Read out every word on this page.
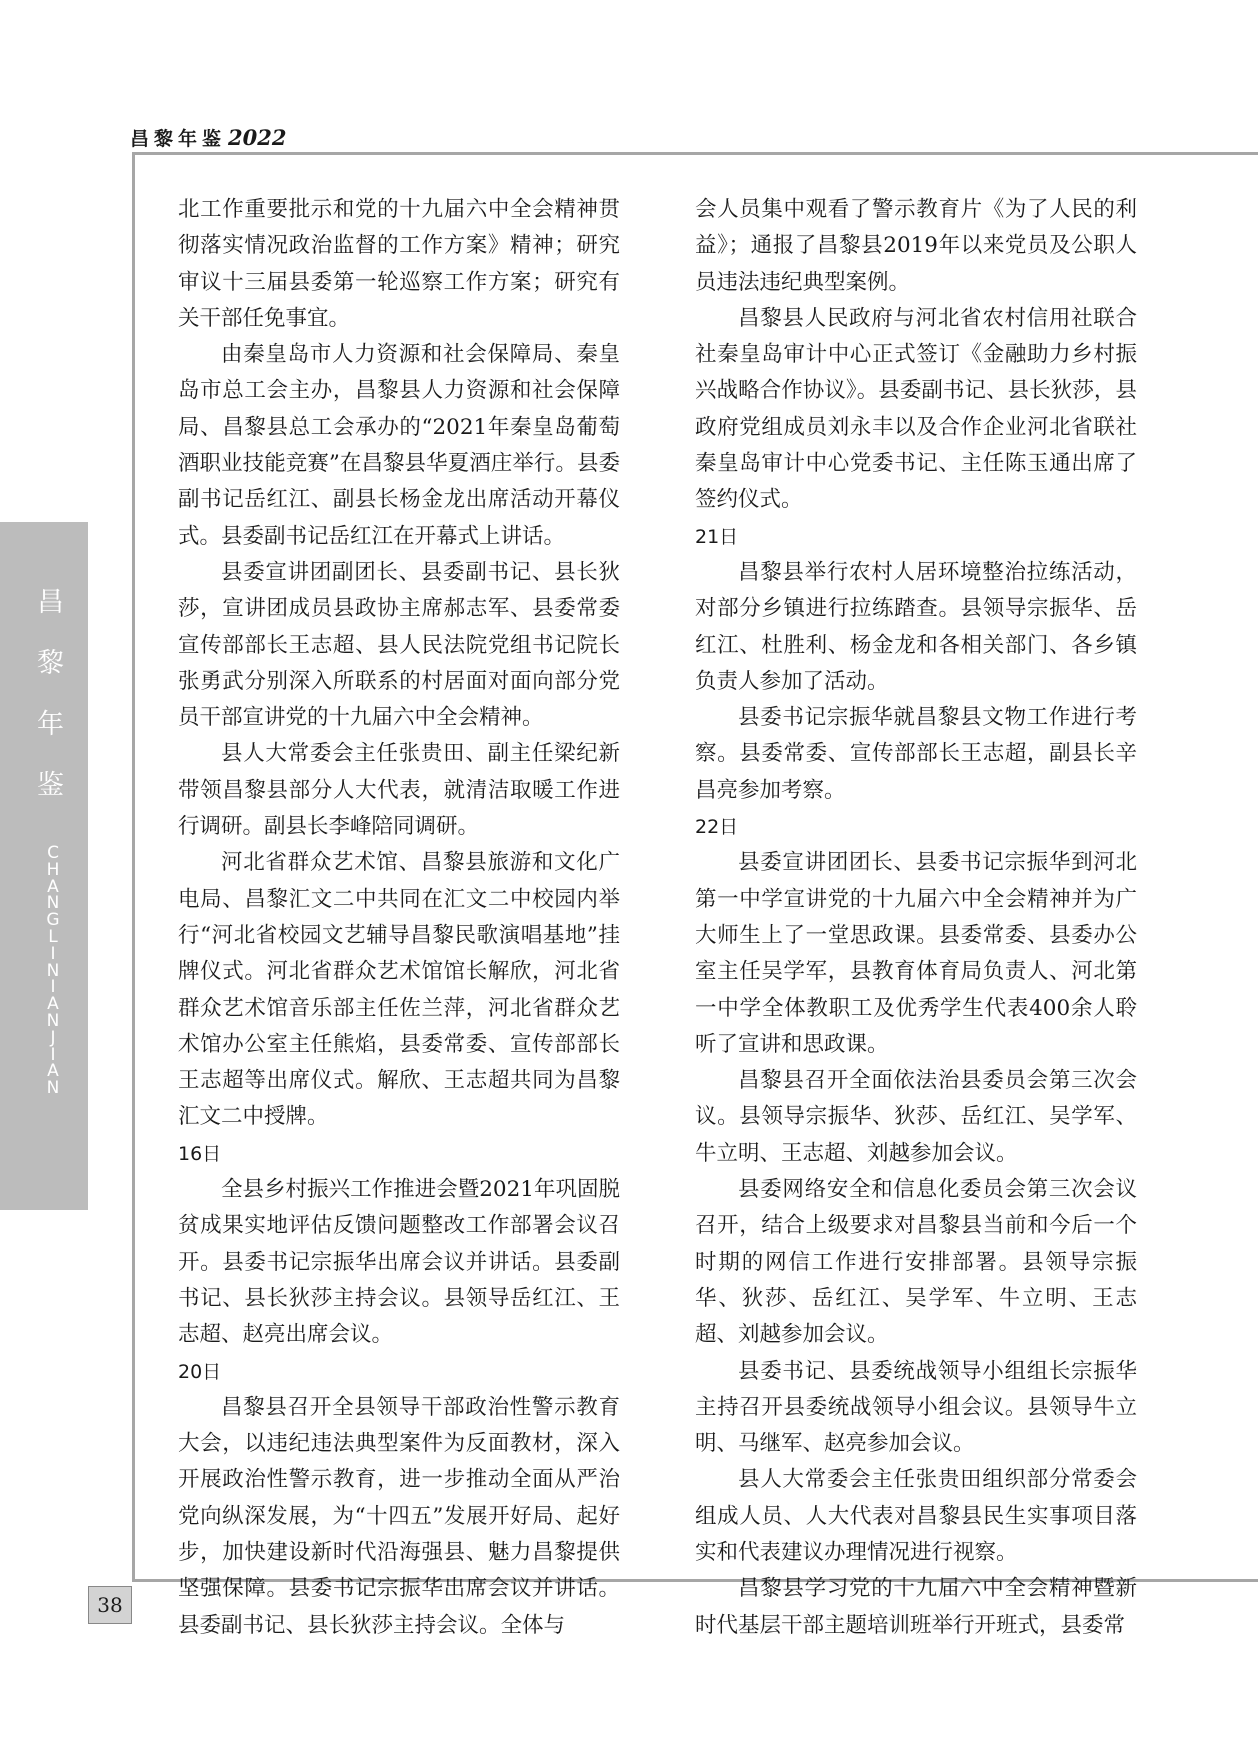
昌黎年鉴2022
昌
黎
年
鉴
C
H
A
N
G
L
I
N
I
A
N
J
I
A
N

北工作重要批示和党的十九届六中全会精神贯彻落实情况政治监督的工作方案》精神；研究审议十三届县委第一轮巡察工作方案；研究有关干部任免事宜。

由秦皇岛市人力资源和社会保障局、秦皇岛市总工会主办，昌黎县人力资源和社会保障局、昌黎县总工会承办的“2021年秦皇岛葡萄酒职业技能竞赛”在昌黎县华夏酒庄举行。县委副书记岳红江、副县长杨金龙出席活动开幕仪式。县委副书记岳红江在开幕式上讲话。

县委宣讲团副团长、县委副书记、县长狄莎，宣讲团成员县政协主席郝志军、县委常委宣传部部长王志超、县人民法院党组书记院长张勇武分别深入所联系的村居面对面向部分党员干部宣讲党的十九届六中全会精神。

县人大常委会主任张贵田、副主任梁纪新带领昌黎县部分人大代表，就清洁取暖工作进行调研。副县长李峰陪同调研。

河北省群众艺术馆、昌黎县旅游和文化广电局、昌黎汇文二中共同在汇文二中校园内举行“河北省校园文艺辅导昌黎民歌演唱基地”挂牌仪式。河北省群众艺术馆馆长解欣，河北省群众艺术馆音乐部主任佐兰萍，河北省群众艺术馆办公室主任熊焰，县委常委、宣传部部长王志超等出席仪式。解欣、王志超共同为昌黎汇文二中授牌。

16日

全县乡村振兴工作推进会暨2021年巩固脱贫成果实地评估反馈问题整改工作部署会议召开。县委书记宗振华出席会议并讲话。县委副书记、县长狄莎主持会议。县领导岳红江、王志超、赵亮出席会议。

20日

昌黎县召开全县领导干部政治性警示教育大会，以违纪违法典型案件为反面教材，深入开展政治性警示教育，进一步推动全面从严治党向纵深发展，为“十四五”发展开好局、起好步，加快建设新时代沿海强县、魅力昌黎提供坚强保障。县委书记宗振华出席会议并讲话。县委副书记、县长狄莎主持会议。全体与

会人员集中观看了警示教育片《为了人民的利益》；通报了昌黎县2019年以来党员及公职人员违法违纪典型案例。

昌黎县人民政府与河北省农村信用社联合社秦皇岛审计中心正式签订《金融助力乡村振兴战略合作协议》。县委副书记、县长狄莎，县政府党组成员刘永丰以及合作企业河北省联社秦皇岛审计中心党委书记、主任陈玉通出席了签约仪式。

21日

昌黎县举行农村人居环境整治拉练活动，对部分乡镇进行拉练踏查。县领导宗振华、岳红江、杜胜利、杨金龙和各相关部门、各乡镇负责人参加了活动。

县委书记宗振华就昌黎县文物工作进行考察。县委常委、宣传部部长王志超，副县长辛昌亮参加考察。

22日

县委宣讲团团长、县委书记宗振华到河北第一中学宣讲党的十九届六中全会精神并为广大师生上了一堂思政课。县委常委、县委办公室主任吴学军，县教育体育局负责人、河北第一中学全体教职工及优秀学生代表400余人聆听了宣讲和思政课。

昌黎县召开全面依法治县委员会第三次会议。县领导宗振华、狄莎、岳红江、吴学军、牛立明、王志超、刘越参加会议。

县委网络安全和信息化委员会第三次会议召开，结合上级要求对昌黎县当前和今后一个时期的网信工作进行安排部署。县领导宗振华、狄莎、岳红江、吴学军、牛立明、王志超、刘越参加会议。

县委书记、县委统战领导小组组长宗振华主持召开县委统战领导小组会议。县领导牛立明、马继军、赵亮参加会议。

县人大常委会主任张贵田组织部分常委会组成人员、人大代表对昌黎县民生实事项目落实和代表建议办理情况进行视察。

昌黎县学习党的十九届六中全会精神暨新时代基层干部主题培训班举行开班式，县委常

38
